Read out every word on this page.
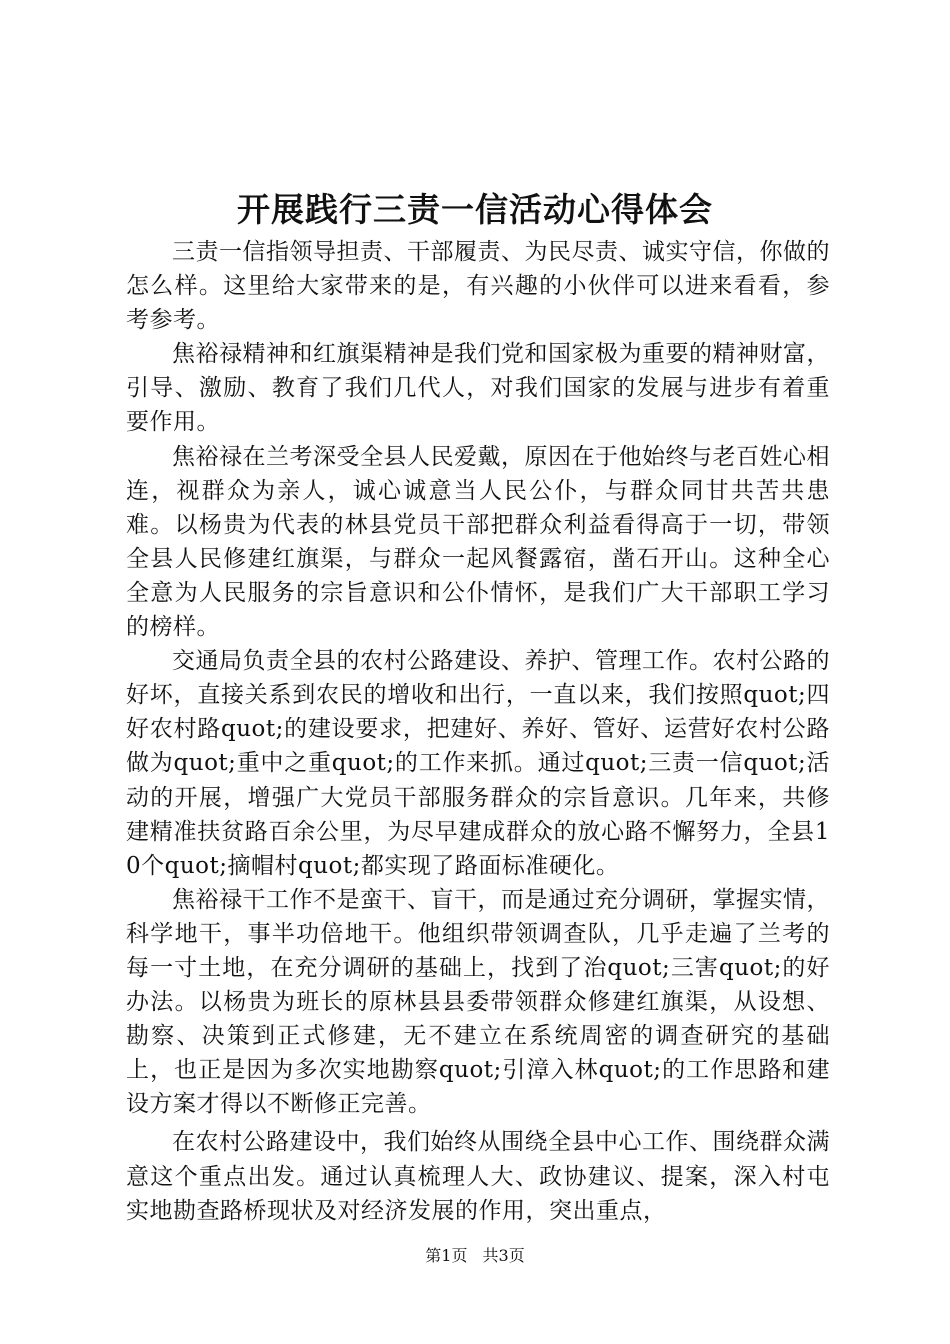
开展践行三责一信活动心得体会

三责一信指领导担责、干部履责、为民尽责、诚实守信，你做的怎么样。这里给大家带来的是，有兴趣的小伙伴可以进来看看，参考参考。

焦裕禄精神和红旗渠精神是我们党和国家极为重要的精神财富，引导、激励、教育了我们几代人，对我们国家的发展与进步有着重要作用。

焦裕禄在兰考深受全县人民爱戴，原因在于他始终与老百姓心相连，视群众为亲人，诚心诚意当人民公仆，与群众同甘共苦共患难。以杨贵为代表的林县党员干部把群众利益看得高于一切，带领全县人民修建红旗渠，与群众一起风餐露宿，凿石开山。这种全心全意为人民服务的宗旨意识和公仆情怀，是我们广大干部职工学习的榜样。

交通局负责全县的农村公路建设、养护、管理工作。农村公路的好坏，直接关系到农民的增收和出行，一直以来，我们按照quot;四好农村路quot;的建设要求，把建好、养好、管好、运营好农村公路做为quot;重中之重quot;的工作来抓。通过quot;三责一信quot;活动的开展，增强广大党员干部服务群众的宗旨意识。几年来，共修建精准扶贫路百余公里，为尽早建成群众的放心路不懈努力，全县10个quot;摘帽村quot;都实现了路面标准硬化。

焦裕禄干工作不是蛮干、盲干，而是通过充分调研，掌握实情，科学地干，事半功倍地干。他组织带领调查队，几乎走遍了兰考的每一寸土地，在充分调研的基础上，找到了治quot;三害quot;的好办法。以杨贵为班长的原林县县委带领群众修建红旗渠，从设想、勘察、决策到正式修建，无不建立在系统周密的调查研究的基础上，也正是因为多次实地勘察quot;引漳入林quot;的工作思路和建设方案才得以不断修正完善。

在农村公路建设中，我们始终从围绕全县中心工作、围绕群众满意这个重点出发。通过认真梳理人大、政协建议、提案，深入村屯实地勘查路桥现状及对经济发展的作用，突出重点，

第1页 共3页
